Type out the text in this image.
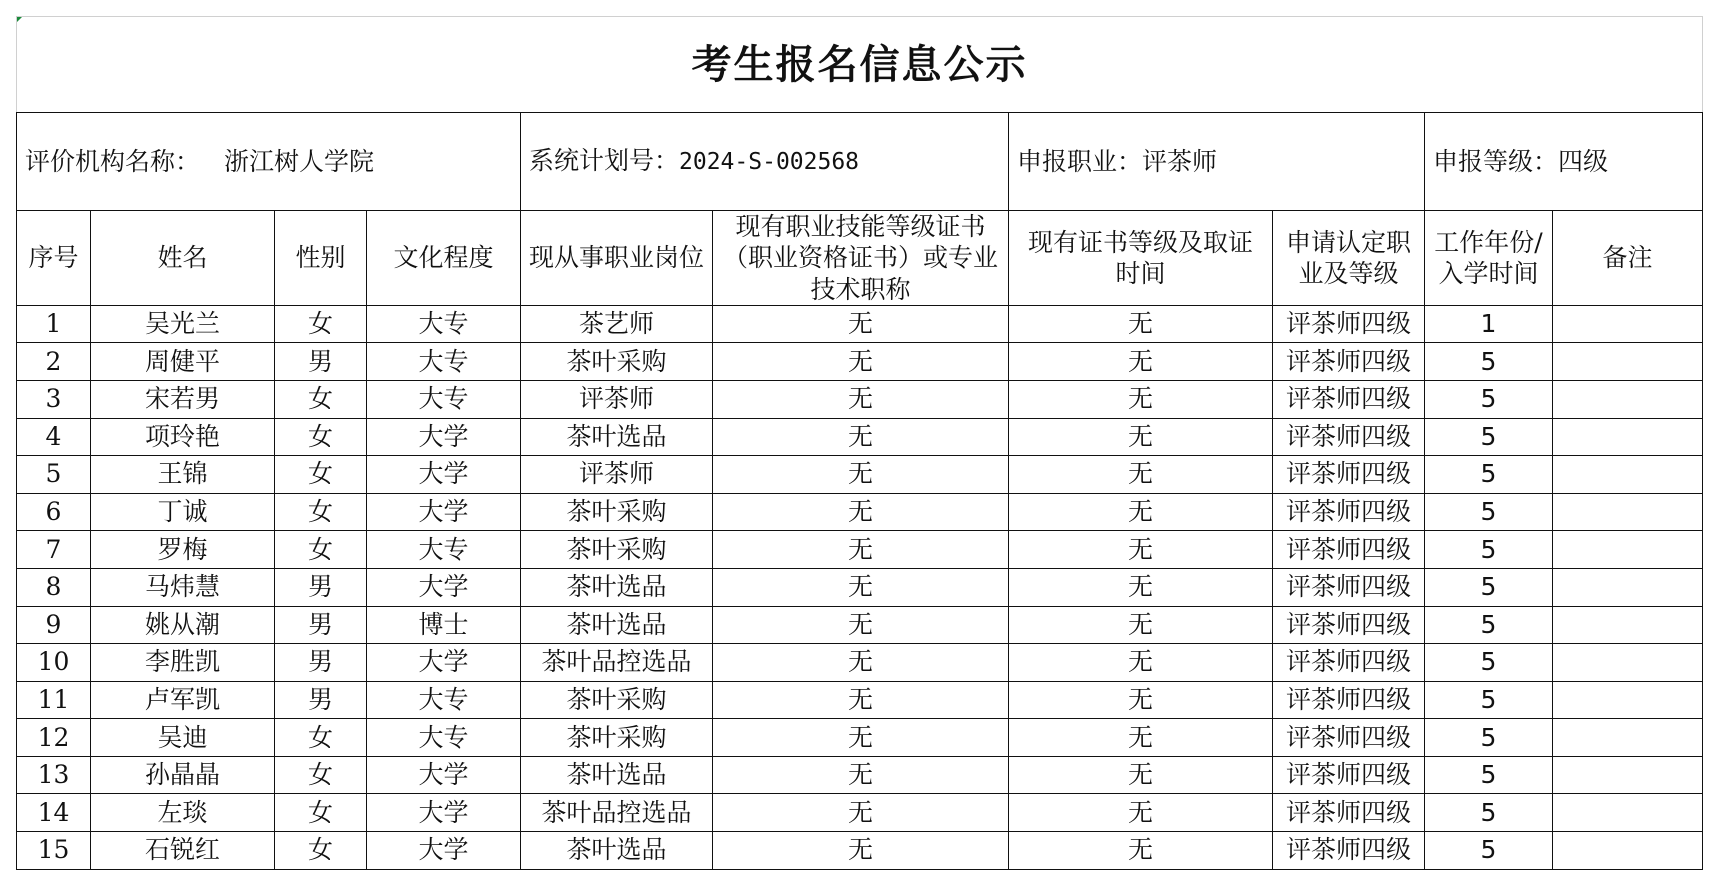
考生报名信息公示									
评价机构名称： 浙江树人学院				系统计划号：2024-S-002568		申报职业：评茶师		申报等级：四级	
序号	姓名	性别	文化程度	现从事职业岗位	现有职业技能等级证书（职业资格证书）或专业技术职称	现有证书等级及取证时间	申请认定职业及等级	工作年份/入学时间	备注
1	吴光兰	女	大专	茶艺师	无	无	评茶师四级	1	
2	周健平	男	大专	茶叶采购	无	无	评茶师四级	5	
3	宋若男	女	大专	评茶师	无	无	评茶师四级	5	
4	项玲艳	女	大学	茶叶选品	无	无	评茶师四级	5	
5	王锦	女	大学	评茶师	无	无	评茶师四级	5	
6	丁诚	女	大学	茶叶采购	无	无	评茶师四级	5	
7	罗梅	女	大专	茶叶采购	无	无	评茶师四级	5	
8	马炜慧	男	大学	茶叶选品	无	无	评茶师四级	5	
9	姚从潮	男	博士	茶叶选品	无	无	评茶师四级	5	
10	李胜凯	男	大学	茶叶品控选品	无	无	评茶师四级	5	
11	卢军凯	男	大专	茶叶采购	无	无	评茶师四级	5	
12	吴迪	女	大专	茶叶采购	无	无	评茶师四级	5	
13	孙晶晶	女	大学	茶叶选品	无	无	评茶师四级	5	
14	左琰	女	大学	茶叶品控选品	无	无	评茶师四级	5	
15	石锐红	女	大学	茶叶选品	无	无	评茶师四级	5	
